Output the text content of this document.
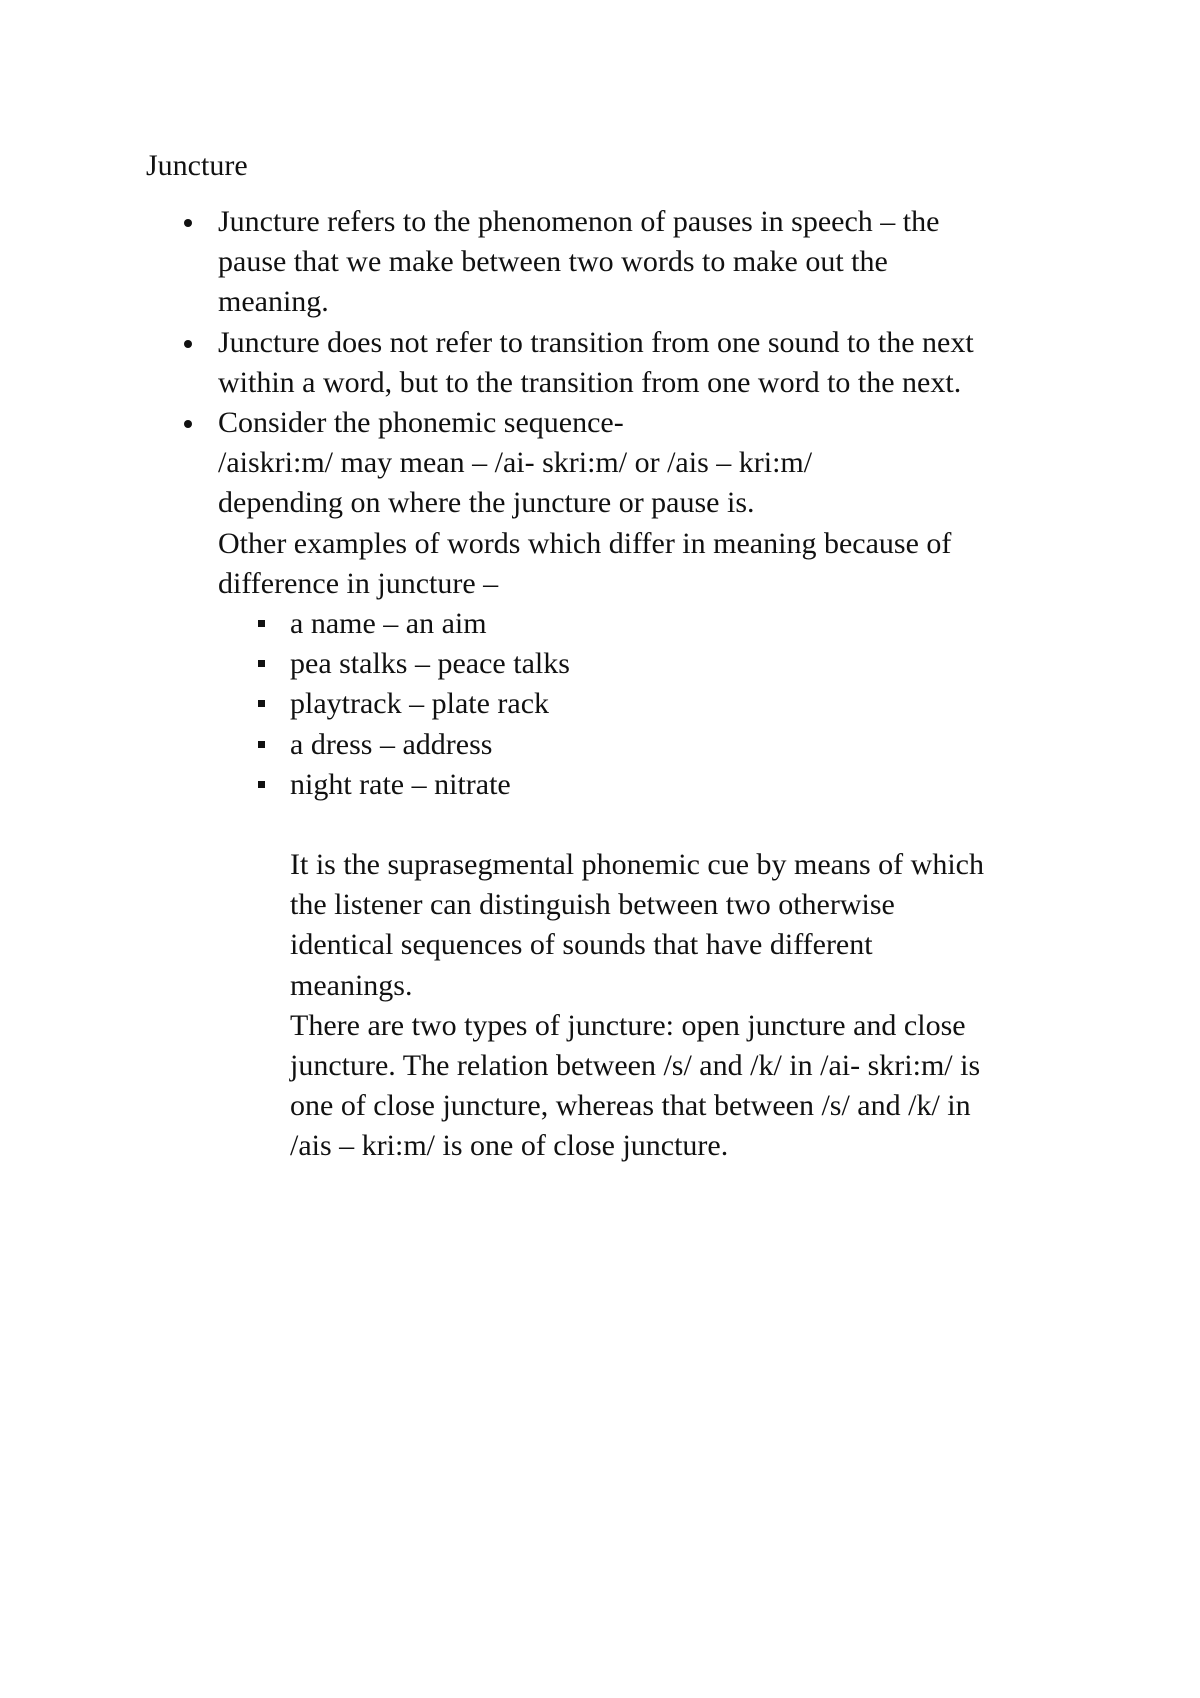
Juncture
Juncture refers to the phenomenon of pauses in speech – the
pause that we make between two words to make out the
meaning.
Juncture does not refer to transition from one sound to the next
within a word, but to the transition from one word to the next.
Consider the phonemic sequence-
/aiskri:m/ may mean – /ai- skri:m/ or /ais – kri:m/
depending on where the juncture or pause is.
Other examples of words which differ in meaning because of
difference in juncture –
a name – an aim
pea stalks – peace talks
playtrack – plate rack
a dress – address
night rate – nitrate
It is the suprasegmental phonemic cue by means of which
the listener can distinguish between two otherwise
identical sequences of sounds that have different
meanings.
There are two types of juncture: open juncture and close
juncture. The relation between /s/ and /k/ in /ai- skri:m/ is
one of close juncture, whereas that between /s/ and /k/ in
/ais – kri:m/ is one of close juncture.
